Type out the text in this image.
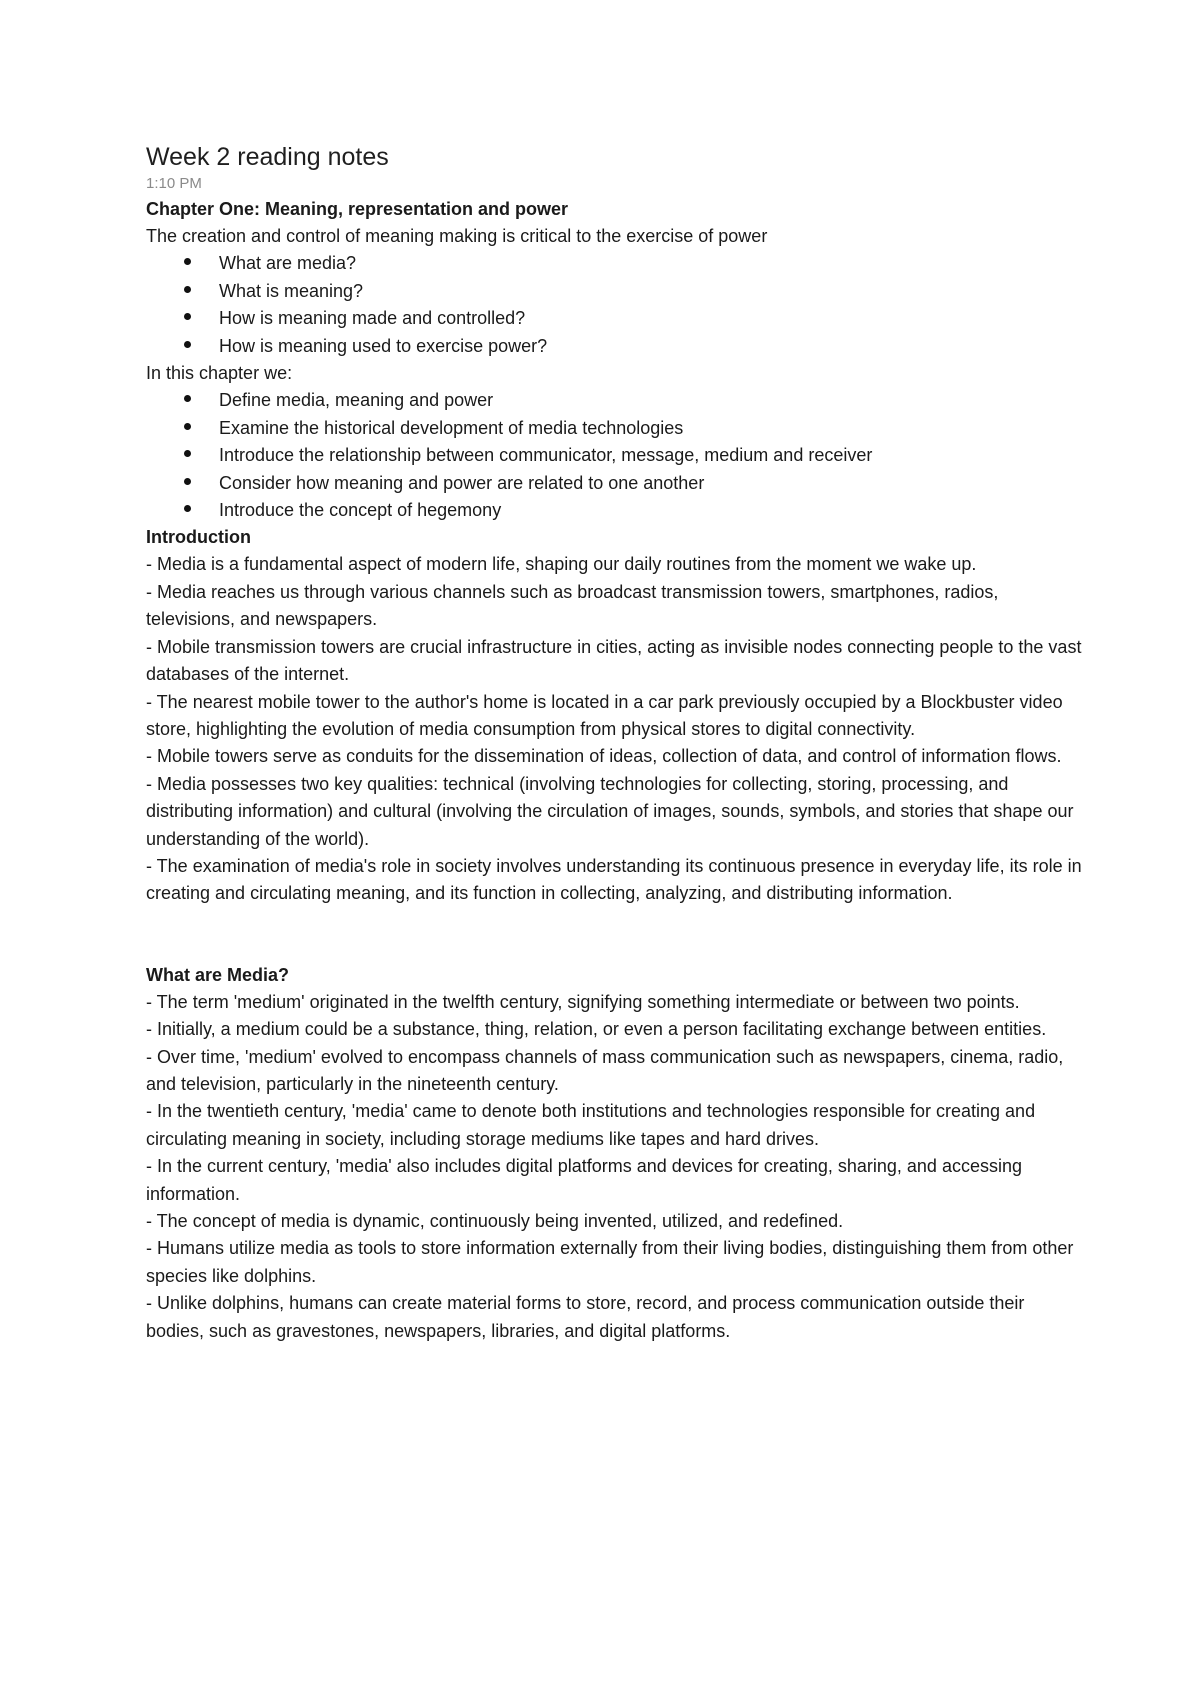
Week 2 reading notes
1:10 PM
Chapter One: Meaning, representation and power
The creation and control of meaning making is critical to the exercise of power
What are media?
What is meaning?
How is meaning made and controlled?
How is meaning used to exercise power?
In this chapter we:
Define media, meaning and power
Examine the historical development of media technologies
Introduce the relationship between communicator, message, medium and receiver
Consider how meaning and power are related to one another
Introduce the concept of hegemony
Introduction

- Media is a fundamental aspect of modern life, shaping our daily routines from the moment we wake up.

- Media reaches us through various channels such as broadcast transmission towers, smartphones, radios, televisions, and newspapers.

- Mobile transmission towers are crucial infrastructure in cities, acting as invisible nodes connecting people to the vast databases of the internet.

- The nearest mobile tower to the author's home is located in a car park previously occupied by a Blockbuster video store, highlighting the evolution of media consumption from physical stores to digital connectivity.

- Mobile towers serve as conduits for the dissemination of ideas, collection of data, and control of information flows.

- Media possesses two key qualities: technical (involving technologies for collecting, storing, processing, and distributing information) and cultural (involving the circulation of images, sounds, symbols, and stories that shape our understanding of the world).

- The examination of media's role in society involves understanding its continuous presence in everyday life, its role in creating and circulating meaning, and its function in collecting, analyzing, and distributing information.

What are Media?

- The term 'medium' originated in the twelfth century, signifying something intermediate or between two points.

- Initially, a medium could be a substance, thing, relation, or even a person facilitating exchange between entities.

- Over time, 'medium' evolved to encompass channels of mass communication such as newspapers, cinema, radio, and television, particularly in the nineteenth century.

- In the twentieth century, 'media' came to denote both institutions and technologies responsible for creating and circulating meaning in society, including storage mediums like tapes and hard drives.

- In the current century, 'media' also includes digital platforms and devices for creating, sharing, and accessing information.

- The concept of media is dynamic, continuously being invented, utilized, and redefined.

- Humans utilize media as tools to store information externally from their living bodies, distinguishing them from other species like dolphins.

- Unlike dolphins, humans can create material forms to store, record, and process communication outside their bodies, such as gravestones, newspapers, libraries, and digital platforms.
